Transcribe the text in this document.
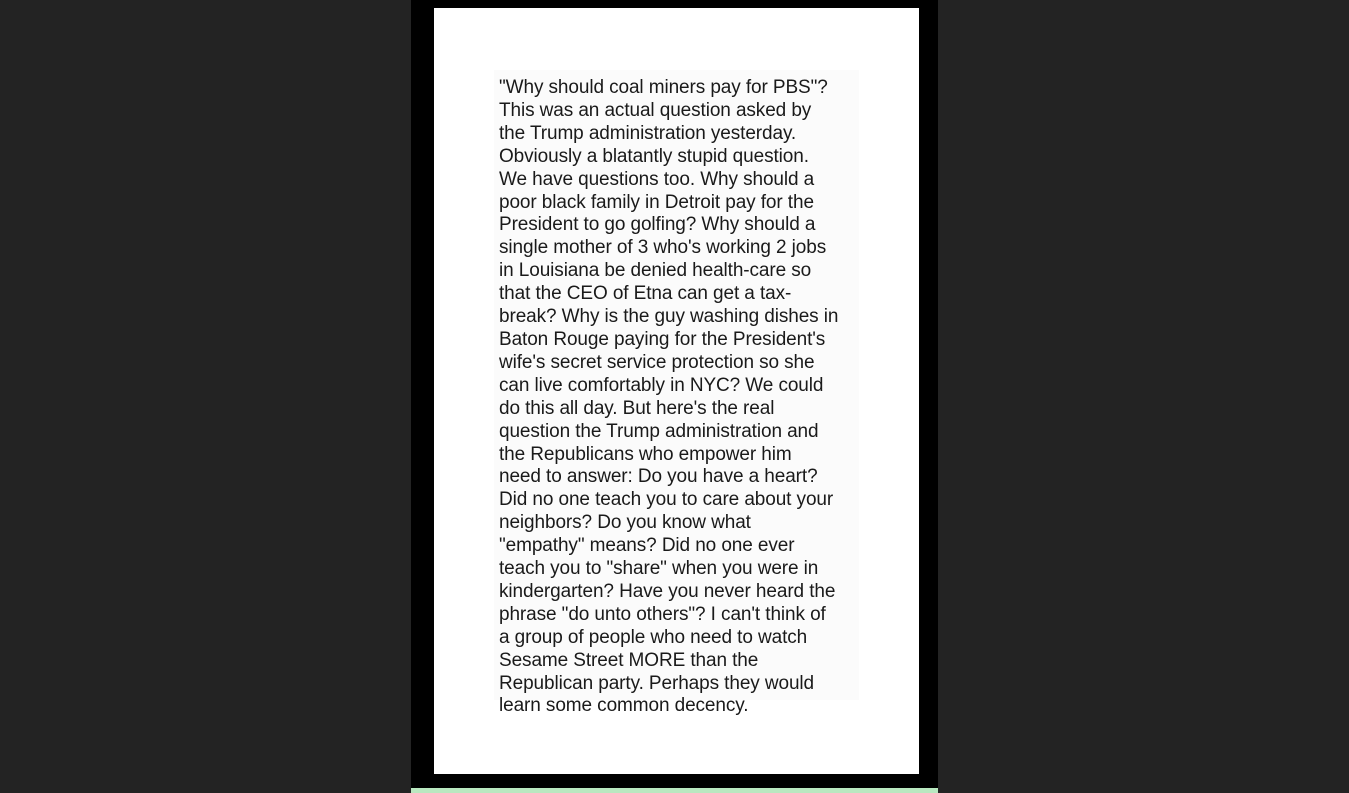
"Why should coal miners pay for PBS"?
This was an actual question asked by
the Trump administration yesterday.
Obviously a blatantly stupid question.
We have questions too. Why should a
poor black family in Detroit pay for the
President to go golfing? Why should a
single mother of 3 who's working 2 jobs
in Louisiana be denied health-care so
that the CEO of Etna can get a tax-
break? Why is the guy washing dishes in
Baton Rouge paying for the President's
wife's secret service protection so she
can live comfortably in NYC? We could
do this all day. But here's the real
question the Trump administration and
the Republicans who empower him
need to answer: Do you have a heart?
Did no one teach you to care about your
neighbors? Do you know what
"empathy" means? Did no one ever
teach you to "share" when you were in
kindergarten? Have you never heard the
phrase "do unto others"? I can't think of
a group of people who need to watch
Sesame Street MORE than the
Republican party. Perhaps they would
learn some common decency.
